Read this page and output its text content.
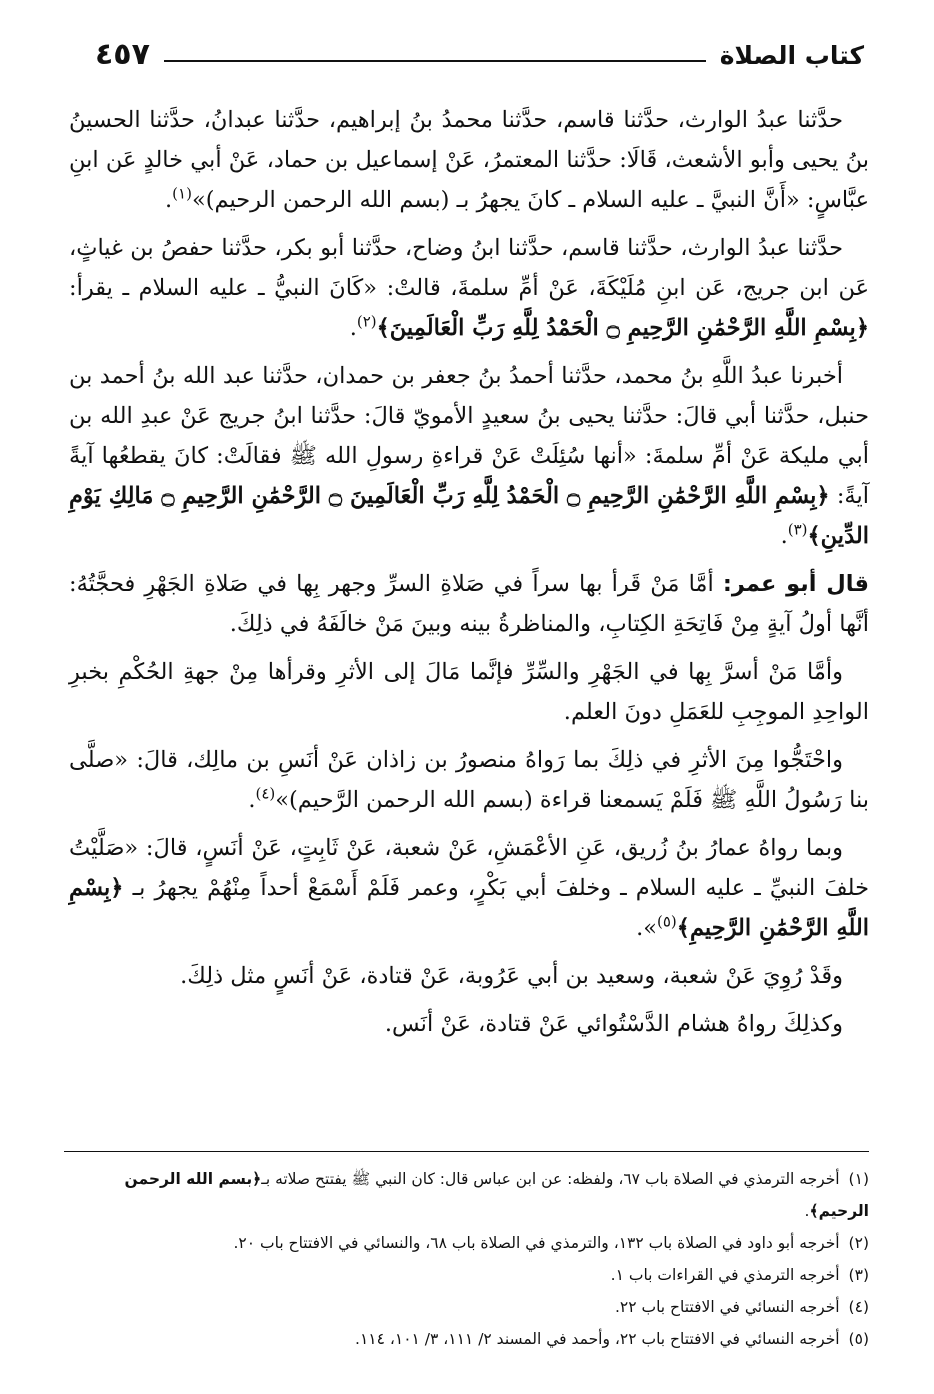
كتاب الصلاة
٤٥٧

حدَّثنا عبدُ الوارث، حدَّثنا قاسم، حدَّثنا محمدُ بنُ إبراهيم، حدَّثنا عبدانُ، حدَّثنا الحسينُ بنُ يحيى وأبو الأشعث، قَالَا: حدَّثنا المعتمرُ، عَنْ إسماعيل بن حماد، عَنْ أبي خالدٍ عَن ابنِ عبَّاسٍ: «أَنَّ النبيَّ ـ عليه السلام ـ كانَ يجهرُ بـ (بسم الله الرحمن الرحيم)»$^{(١)}$.

حدَّثنا عبدُ الوارث، حدَّثنا قاسم، حدَّثنا ابنُ وضاح، حدَّثنا أبو بكر، حدَّثنا حفصُ بن غياثٍ، عَن ابن جريج، عَن ابنِ مُلَيْكَةَ، عَنْ أمِّ سلمةَ، قالتْ: «كَانَ النبيُّ ـ عليه السلام ـ يقرأ: ﴿بِسْمِ اللَّهِ الرَّحْمَٰنِ الرَّحِيمِ ۝ الْحَمْدُ لِلَّهِ رَبِّ الْعَالَمِينَ﴾$^{(٢)}$.

أخبرنا عبدُ اللَّهِ بنُ محمد، حدَّثنا أحمدُ بنُ جعفر بن حمدان، حدَّثنا عبد الله بنُ أحمد بن حنبل، حدَّثنا أبي قالَ: حدَّثنا يحيى بنُ سعيدٍ الأمويّ قالَ: حدَّثنا ابنُ جريج عَنْ عبدِ الله بن أبي مليكة عَنْ أمِّ سلمةَ: «أنها سُئِلَتْ عَنْ قراءةِ رسولِ الله ﷺ فقالَتْ: كانَ يقطعُها آيةً آيةً: ﴿بِسْمِ اللَّهِ الرَّحْمَٰنِ الرَّحِيمِ ۝ الْحَمْدُ لِلَّهِ رَبِّ الْعَالَمِينَ ۝ الرَّحْمَٰنِ الرَّحِيمِ ۝ مَالِكِ يَوْمِ الدِّينِ﴾$^{(٣)}$.

قال أبو عمر: أمَّا مَنْ قَرأ بها سراً في صَلاةِ السرِّ وجهر بِها في صَلاةِ الجَهْرِ فحجَّتُهُ: أنَّها أولُ آيةٍ مِنْ فَاتِحَةِ الكِتابِ، والمناظرةُ بينه وبينَ مَنْ خالَفَهُ في ذلِكَ.

وأمَّا مَنْ أسرَّ بِها في الجَهْرِ والسِّرِّ فإنَّما مَالَ إلى الأثرِ وقرأها مِنْ جهةِ الحُكْمِ بخبرِ الواحِدِ الموجِبِ للعَمَلِ دونَ العلم.

واحْتَجُّوا مِنَ الأثرِ في ذلِكَ بما رَواهُ منصورُ بن زاذان عَنْ أنَسِ بن مالِك، قالَ: «صلَّى بنا رَسُولُ اللَّهِ ﷺ فَلَمْ يَسمعنا قراءة (بسم الله الرحمن الرَّحيم)»$^{(٤)}$.

وبما رواهُ عمارُ بنُ زُريق، عَنِ الأعْمَشِ، عَنْ شعبة، عَنْ ثَابِتٍ، عَنْ أنَسٍ، قالَ: «صَلَّيْتُ خلفَ النبيِّ ـ عليه السلام ـ وخلفَ أبي بَكْرٍ، وعمر فَلَمْ أَسْمَعْ أحداً مِنْهُمْ يجهرُ بـ ﴿بِسْمِ اللَّهِ الرَّحْمَٰنِ الرَّحِيمِ﴾$^{(٥)}$».

وقَدْ رُوِيَ عَنْ شعبة، وسعيد بن أبي عَرُوبة، عَنْ قتادة، عَنْ أنَسٍ مثل ذلِكَ.

وكذلِكَ رواهُ هشام الدَّسْتُوائي عَنْ قتادة، عَنْ أنَس.

(١) أخرجه الترمذي في الصلاة باب ٦٧، ولفظه: عن ابن عباس قال: كان النبي ﷺ يفتتح صلاته بـ﴿بسم الله الرحمن الرحيم﴾.

(٢) أخرجه أبو داود في الصلاة باب ١٣٢، والترمذي في الصلاة باب ٦٨، والنسائي في الافتتاح باب ٢٠.

(٣) أخرجه الترمذي في القراءات باب ١.

(٤) أخرجه النسائي في الافتتاح باب ٢٢.

(٥) أخرجه النسائي في الافتتاح باب ٢٢، وأحمد في المسند ٢/ ١١١، ٣/ ١٠١، ١١٤.
